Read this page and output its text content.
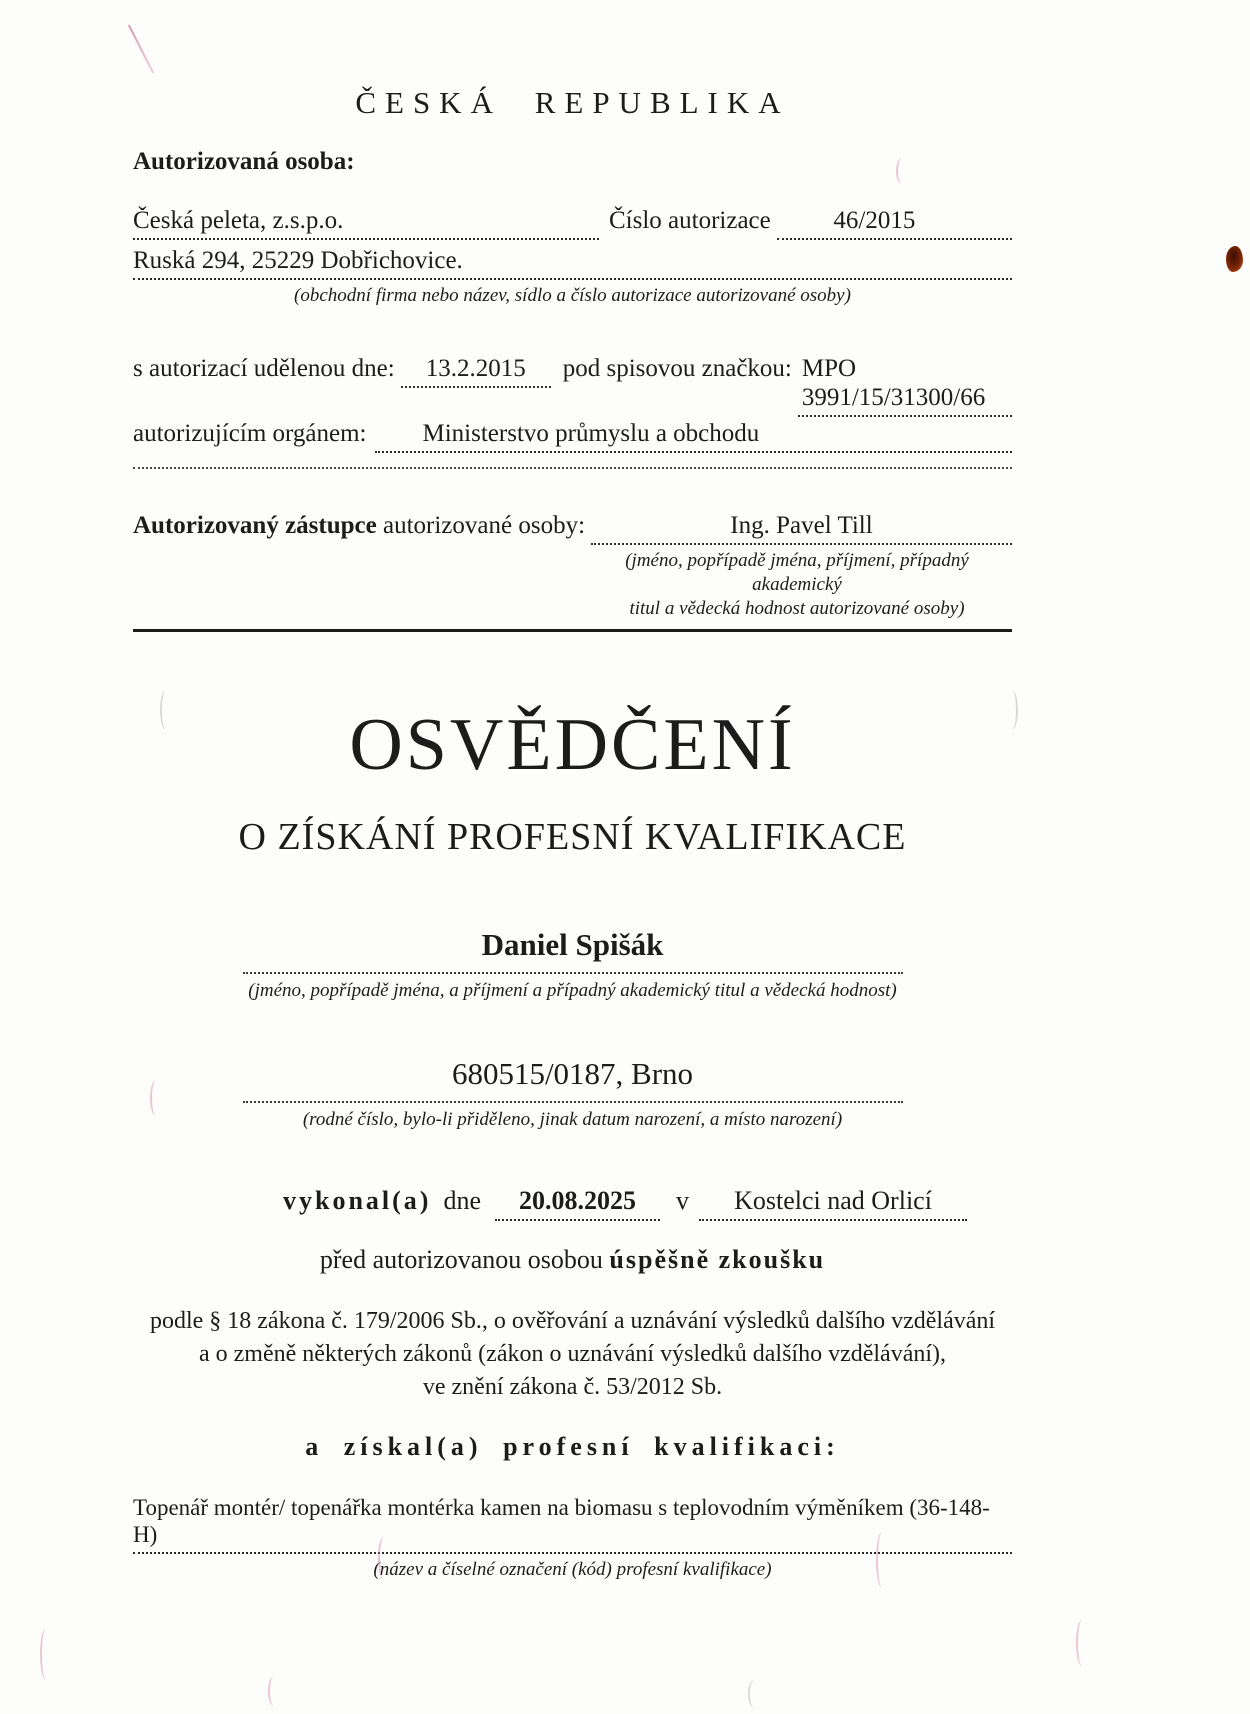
ČESKÁ REPUBLIKA
Autorizovaná osoba:
Česká peleta, z.s.p.o.	Číslo autorizace	46/2015
Ruská 294, 25229 Dobřichovice.
(obchodní firma nebo název, sídlo a číslo autorizace autorizované osoby)
s autorizací udělenou dne:	13.2.2015	pod spisovou značkou: MPO 3991/15/31300/66
autorizujícím orgánem:	Ministerstvo průmyslu a obchodu
Autorizovaný zástupce autorizované osoby:	Ing. Pavel Till
(jméno, popřípadě jména, příjmení, případný akademický
titul a vědecká hodnost autorizované osoby)
OSVĚDČENÍ
O ZÍSKÁNÍ PROFESNÍ KVALIFIKACE
Daniel Spišák
(jméno, popřípadě jména, a příjmení a případný akademický titul a vědecká hodnost)
680515/0187, Brno
(rodné číslo, bylo-li přiděleno, jinak datum narození, a místo narození)
vykonal(a) dne	20.08.2025	v	Kostelci nad Orlicí
před autorizovanou osobou úspěšně zkoušku
podle § 18 zákona č. 179/2006 Sb., o ověřování a uznávání výsledků dalšího vzdělávání
a o změně některých zákonů (zákon o uznávání výsledků dalšího vzdělávání),
ve znění zákona č. 53/2012 Sb.
a získal(a) profesní kvalifikaci:
Topenář montér/ topenářka montérka kamen na biomasu s teplovodním výměníkem (36-148-H)
(název a číselné označení (kód) profesní kvalifikace)
